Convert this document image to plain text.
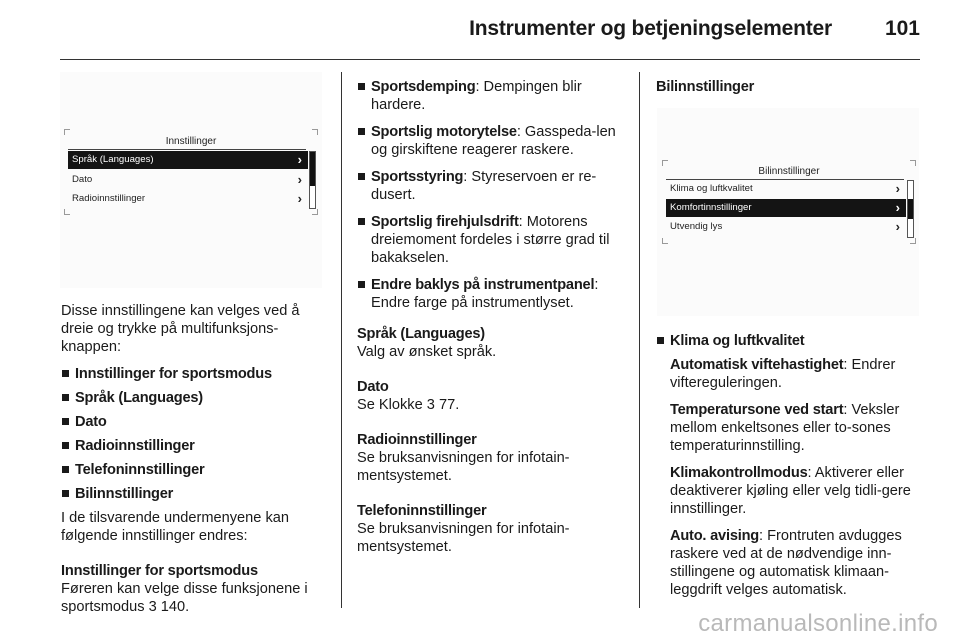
Instrumenter og betjeningselementer	101
Innstillinger
Språk (Languages)	›
Dato	›
Radioinnstillinger	›

Disse innstillingene kan velges ved å dreie og trykke på multifunksjons-knappen:

Innstillinger for sportsmodus
Språk (Languages)
Dato
Radioinnstillinger
Telefoninnstillinger
Bilinnstillinger

I de tilsvarende undermenyene kan følgende innstillinger endres:

Innstillinger for sportsmodus

Føreren kan velge disse funksjonene i sportsmodus 3 140.

Sportsdemping: Dempingen blir hardere.
Sportslig motorytelse: Gasspeda-len og girskiftene reagerer raskere.
Sportsstyring: Styreservoen er re-dusert.
Sportslig firehjulsdrift: Motorens dreiemoment fordeles i større grad til bakakselen.
Endre baklys på instrumentpanel: Endre farge på instrumentlyset.
Språk (Languages)

Valg av ønsket språk.

Dato

Se Klokke 3 77.

Radioinnstillinger

Se bruksanvisningen for infotain-mentsystemet.

Telefoninnstillinger

Se bruksanvisningen for infotain-mentsystemet.

Bilinnstillinger
Bilinnstillinger
Klima og luftkvalitet	›
Komfortinnstillinger	›
Utvendig lys	›
Klima og luftkvalitet

Automatisk viftehastighet: Endrer viftereguleringen.

Temperatursone ved start: Veksler mellom enkeltsones eller to-sones temperaturinnstilling.

Klimakontrollmodus: Aktiverer eller deaktiverer kjøling eller velg tidli-gere innstillinger.

Auto. avising: Frontruten avdugges raskere ved at de nødvendige inn-stillingene og automatisk klimaan-leggdrift velges automatisk.

carmanualsonline.info
